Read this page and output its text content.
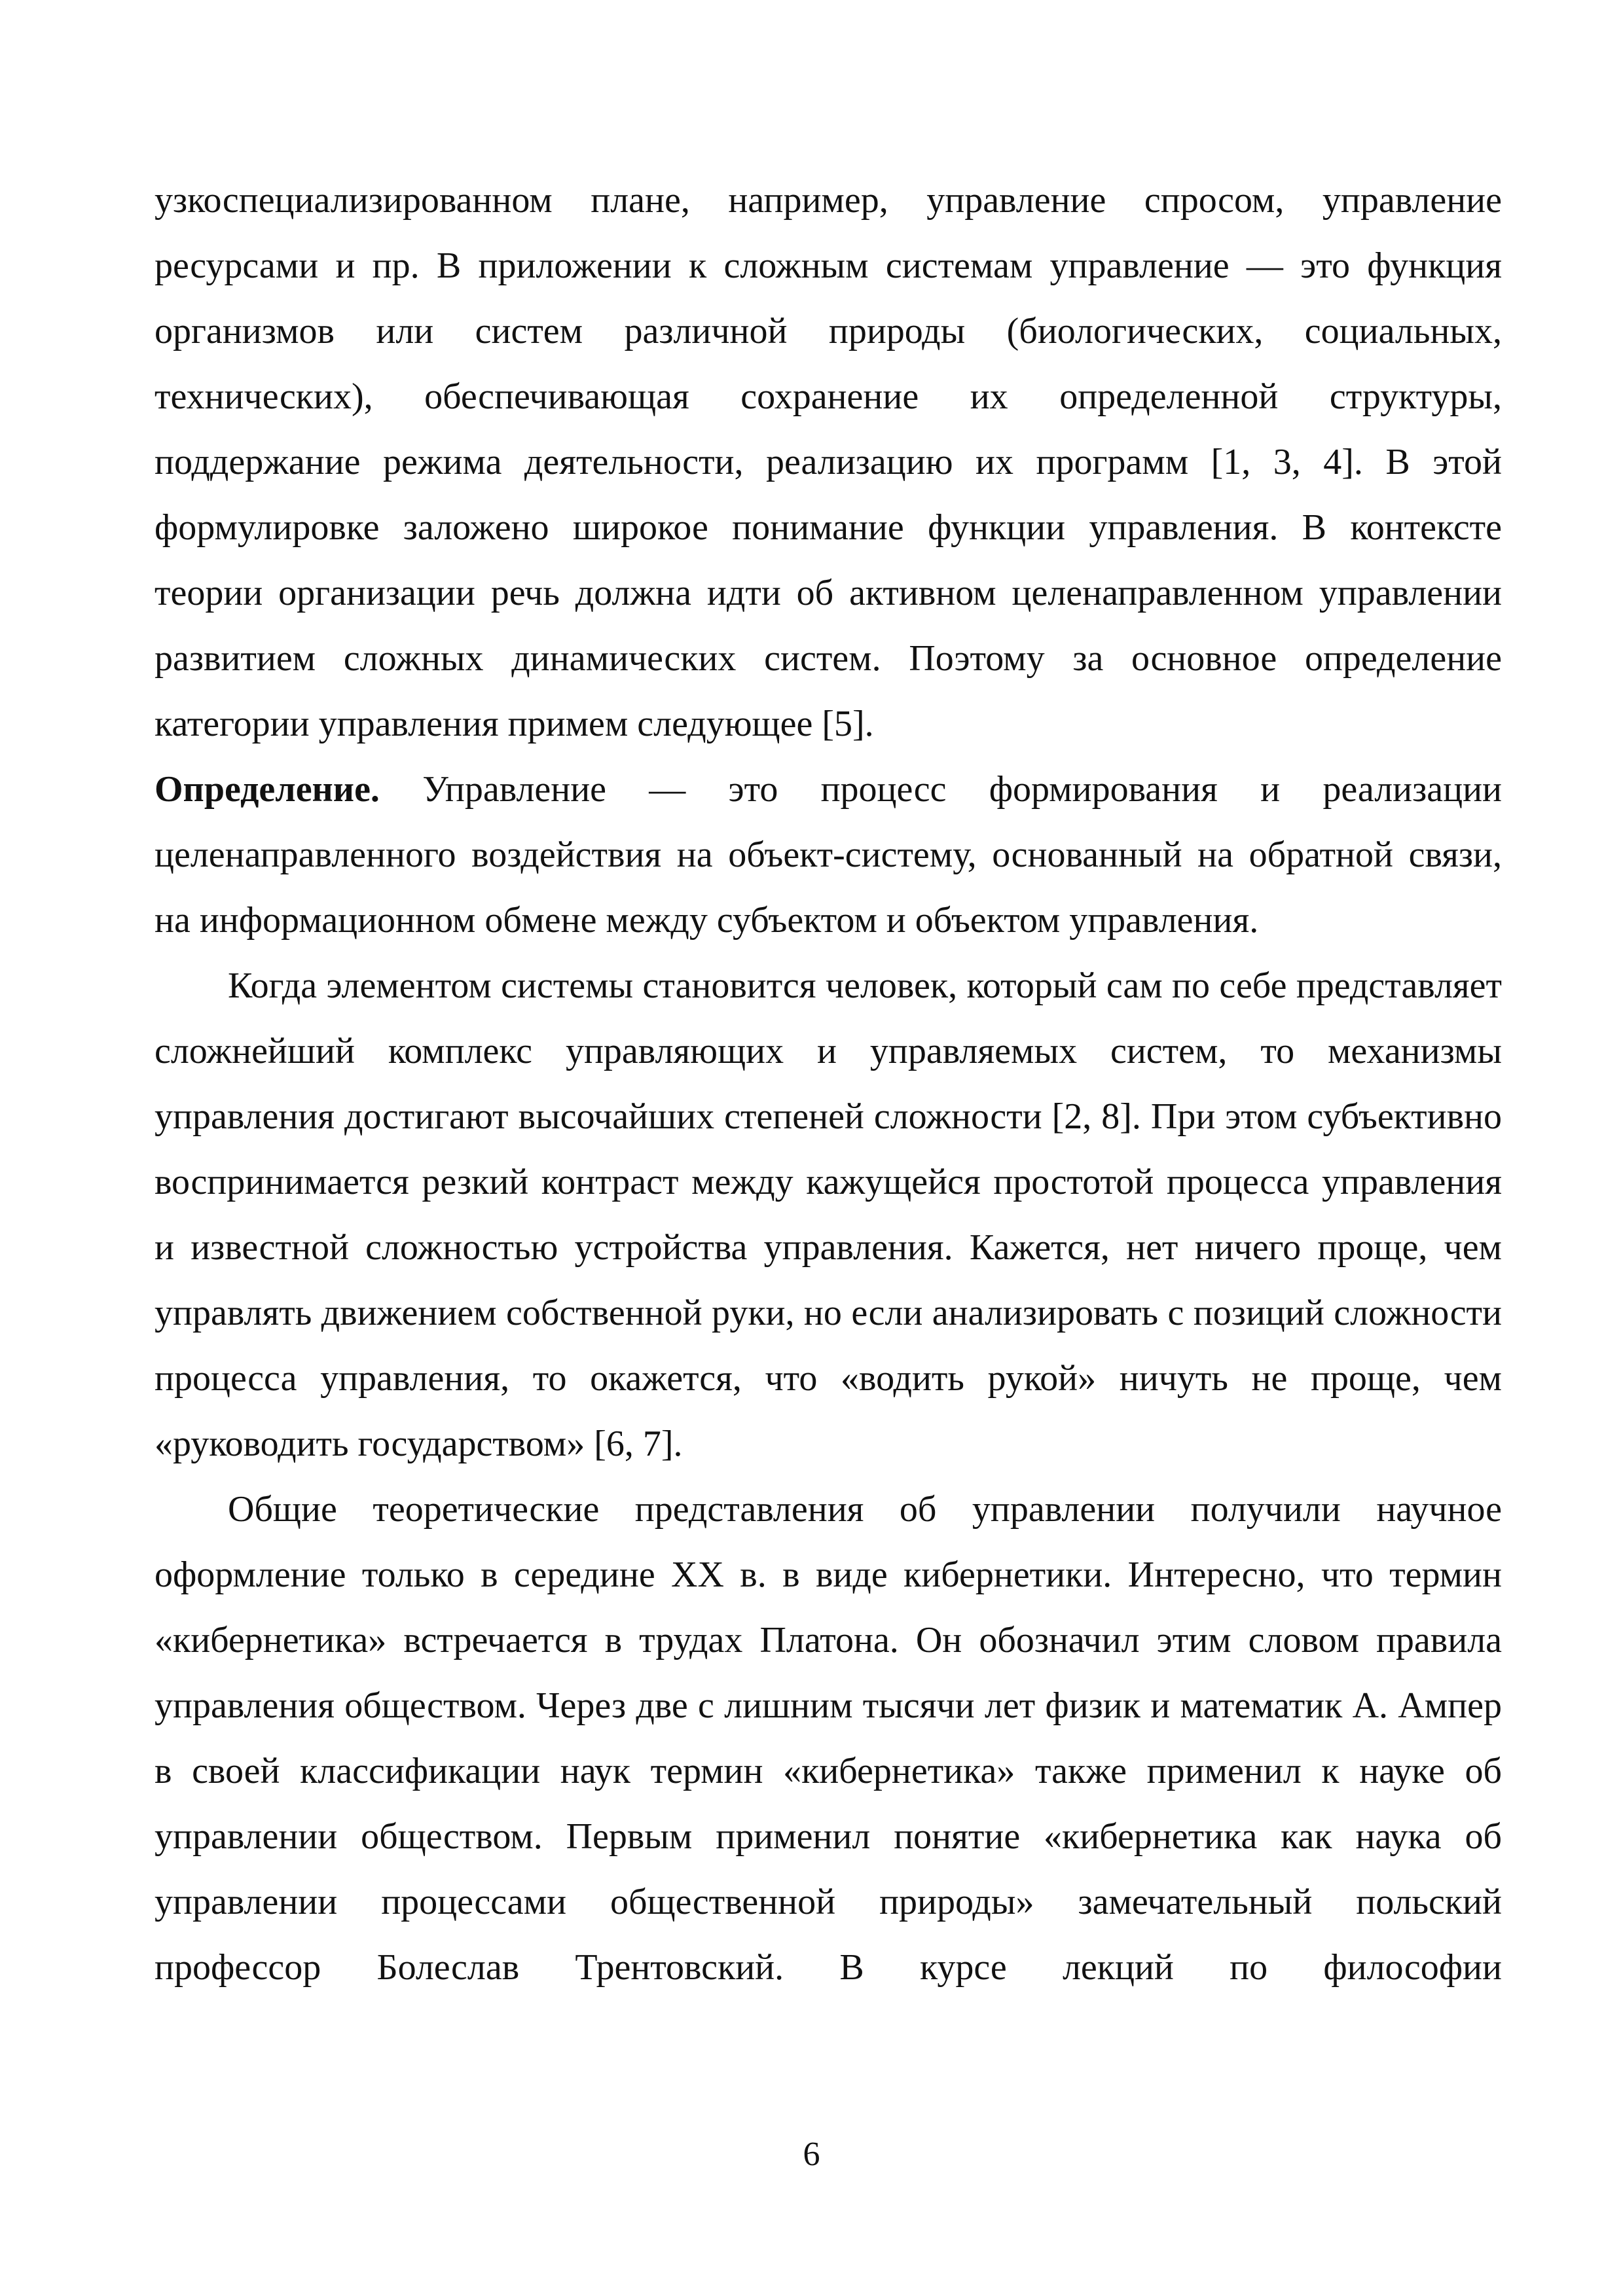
узкоспециализированном плане, например, управление спросом, управление ресурсами и пр. В приложении к сложным системам управление — это функция организмов или систем различной природы (биологических, социальных, технических), обеспечивающая сохранение их определенной структуры, поддержание режима деятельности, реализацию их программ [1, 3, 4]. В этой формулировке заложено широкое понимание функции управления. В контексте теории организации речь должна идти об активном целенаправленном управлении развитием сложных динамических систем. Поэтому за основное определение категории управления примем следующее [5].

Определение. Управление — это процесс формирования и реализации целенаправленного воздействия на объект-систему, основанный на обратной связи, на информационном обмене между субъектом и объектом управления.

Когда элементом системы становится человек, который сам по себе представляет сложнейший комплекс управляющих и управляемых систем, то механизмы управления достигают высочайших степеней сложности [2, 8]. При этом субъективно воспринимается резкий контраст между кажущейся простотой процесса управления и известной сложностью устройства управления. Кажется, нет ничего проще, чем управлять движением собственной руки, но если анализировать с позиций сложности процесса управления, то окажется, что «водить рукой» ничуть не проще, чем «руководить государством» [6, 7].

Общие теоретические представления об управлении получили научное оформление только в середине XX в. в виде кибернетики. Интересно, что термин «кибернетика» встречается в трудах Платона. Он обозначил этим словом правила управления обществом. Через две с лишним тысячи лет физик и математик А. Ампер в своей классификации наук термин «кибернетика» также применил к науке об управлении обществом. Первым применил понятие «кибернетика как наука об управлении процессами общественной природы» замечательный польский профессор Болеслав Трентовский. В курсе лекций по философии

6
